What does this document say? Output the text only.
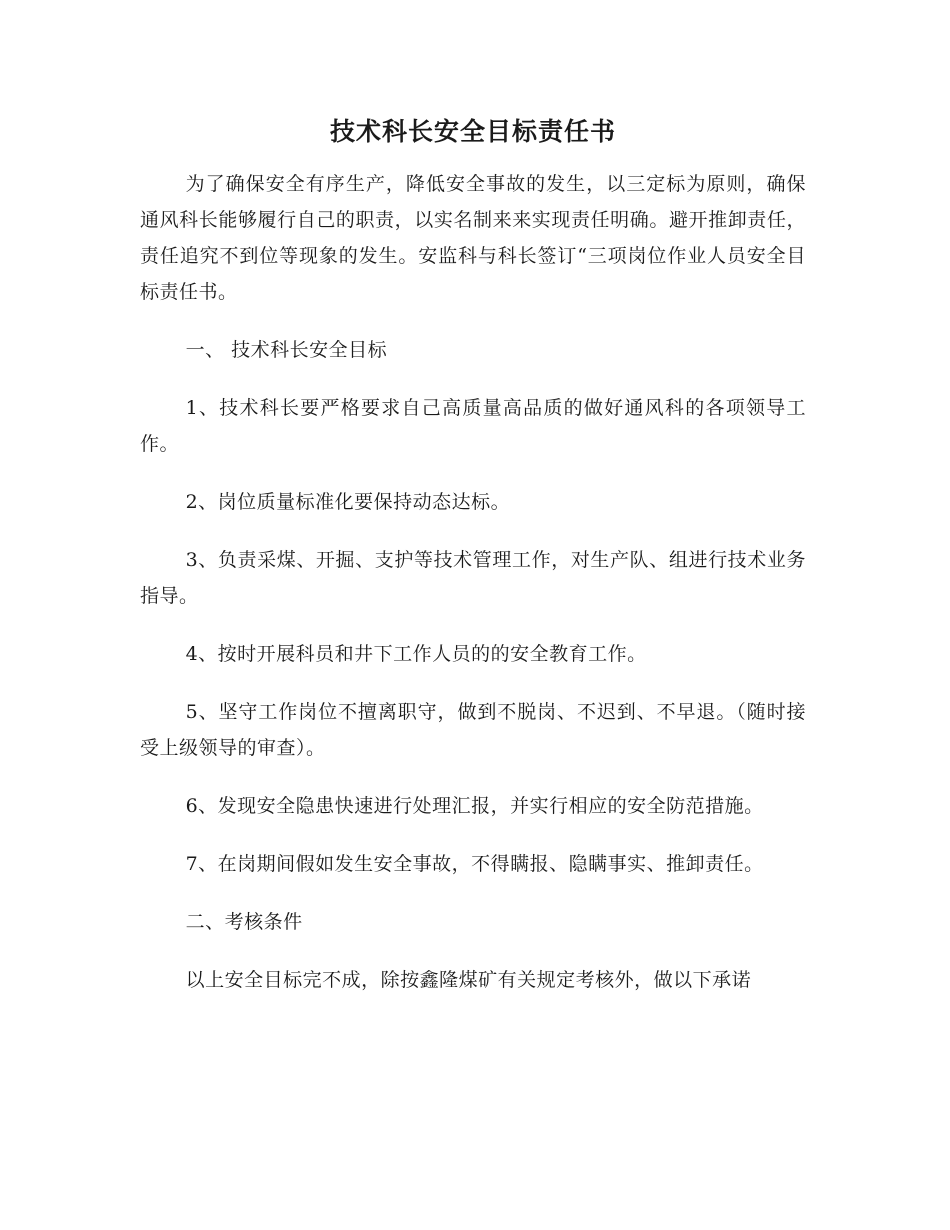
技术科长安全目标责任书

为了确保安全有序生产，降低安全事故的发生，以三定标为原则，确保通风科长能够履行自己的职责，以实名制来来实现责任明确。避开推卸责任，责任追究不到位等现象的发生。安监科与科长签订“三项岗位作业人员安全目标责任书。

一、 技术科长安全目标

1、技术科长要严格要求自己高质量高品质的做好通风科的各项领导工作。

2、岗位质量标准化要保持动态达标。

3、负责采煤、开掘、支护等技术管理工作，对生产队、组进行技术业务指导。

4、按时开展科员和井下工作人员的的安全教育工作。

5、坚守工作岗位不擅离职守，做到不脱岗、不迟到、不早退。（随时接受上级领导的审查）。

6、发现安全隐患快速进行处理汇报，并实行相应的安全防范措施。

7、在岗期间假如发生安全事故，不得瞒报、隐瞒事实、推卸责任。

二、考核条件

以上安全目标完不成，除按鑫隆煤矿有关规定考核外，做以下承诺
